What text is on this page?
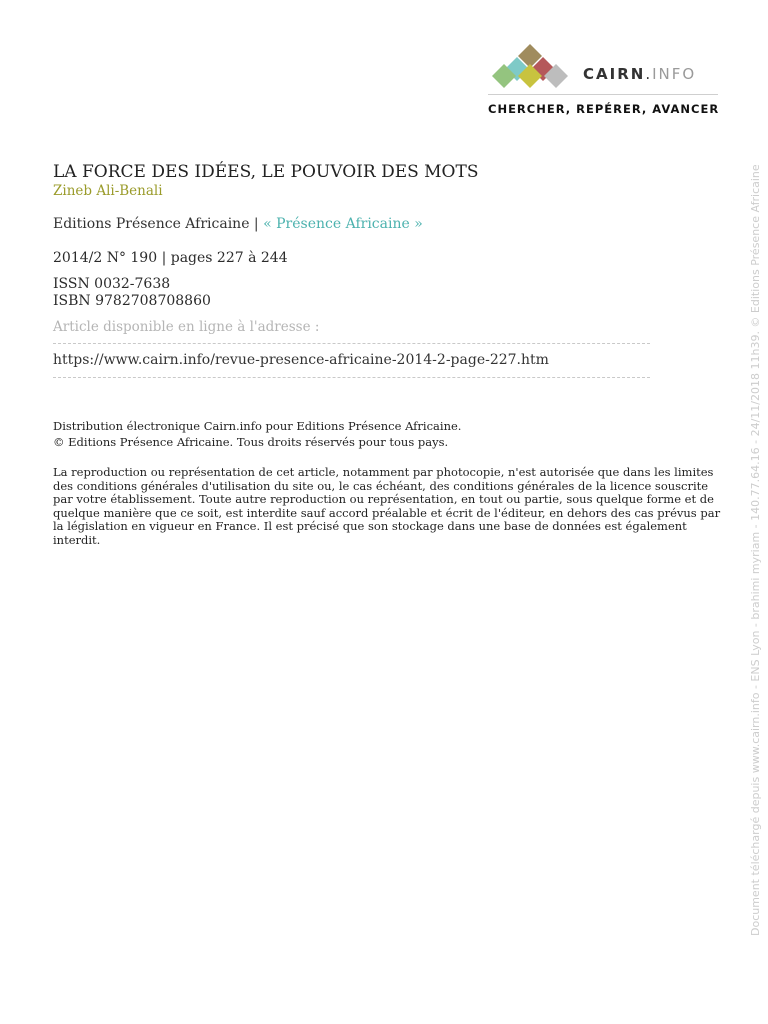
CAIRN.INFO
CHERCHER, REPÉRER, AVANCER
LA FORCE DES IDÉES, LE POUVOIR DES MOTS
Zineb Ali-Benali
Editions Présence Africaine | « Présence Africaine »
2014/2 N° 190 | pages 227 à 244
ISSN 0032-7638
ISBN 9782708708860
Article disponible en ligne à l'adresse :
https://www.cairn.info/revue-presence-africaine-2014-2-page-227.htm
Distribution électronique Cairn.info pour Editions Présence Africaine.
© Editions Présence Africaine. Tous droits réservés pour tous pays.
La reproduction ou représentation de cet article, notamment par photocopie, n'est autorisée que dans les limites des conditions générales d'utilisation du site ou, le cas échéant, des conditions générales de la licence souscrite par votre établissement. Toute autre reproduction ou représentation, en tout ou partie, sous quelque forme et de quelque manière que ce soit, est interdite sauf accord préalable et écrit de l'éditeur, en dehors des cas prévus par la législation en vigueur en France. Il est précisé que son stockage dans une base de données est également interdit.	Document téléchargé depuis www.cairn.info - ENS Lyon - brahimi myriam - 140.77.64.16 - 24/11/2018 11h39. © Editions Présence Africaine
